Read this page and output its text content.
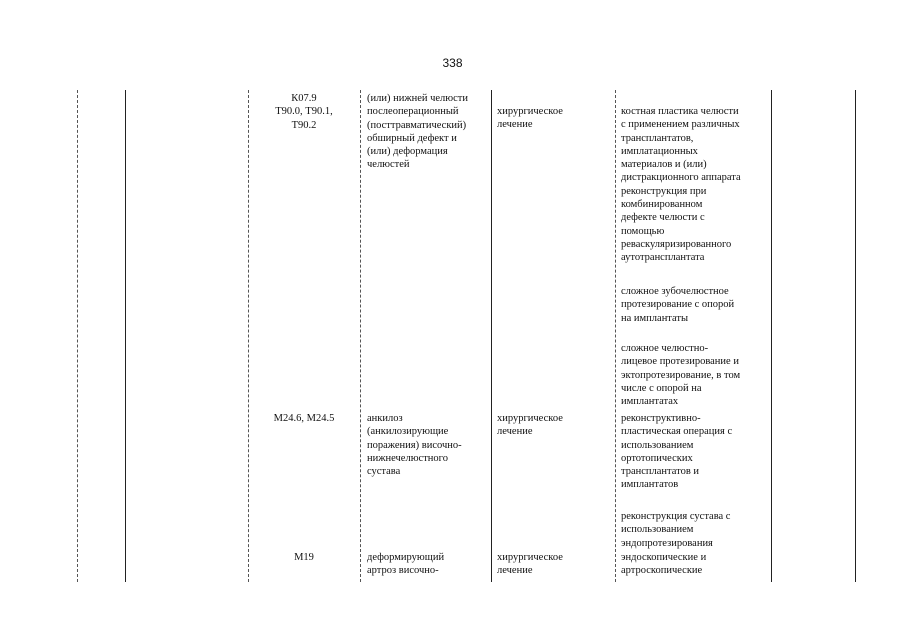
338

К07.9
Т90.0, Т90.1,
Т90.2

(или) нижней челюсти
послеоперационный
(посттравматический)
обширный дефект и
(или) деформация
челюстей

хирургическое
лечение

костная пластика челюсти
с применением различных
трансплантатов,
имплатационных
материалов и (или)
дистракционного аппарата
реконструкция при
комбинированном
дефекте челюсти с
помощью
реваскуляризированного
аутотрансплантата

сложное зубочелюстное
протезирование с опорой
на имплантаты

сложное челюстно-
лицевое протезирование и
эктопротезирование, в том
числе с опорой на
имплантатах

М24.6, М24.5	анкилоз
(анкилозирующие
поражения) височно-
нижнечелюстного
сустава

хирургическое
лечение

реконструктивно-
пластическая операция с
использованием
ортотопических
трансплантатов и
имплантатов

реконструкция сустава с
использованием
эндопротезирования

М19	деформирующий
артроз височно-

хирургическое
лечение

эндоскопические и
артроскопические
